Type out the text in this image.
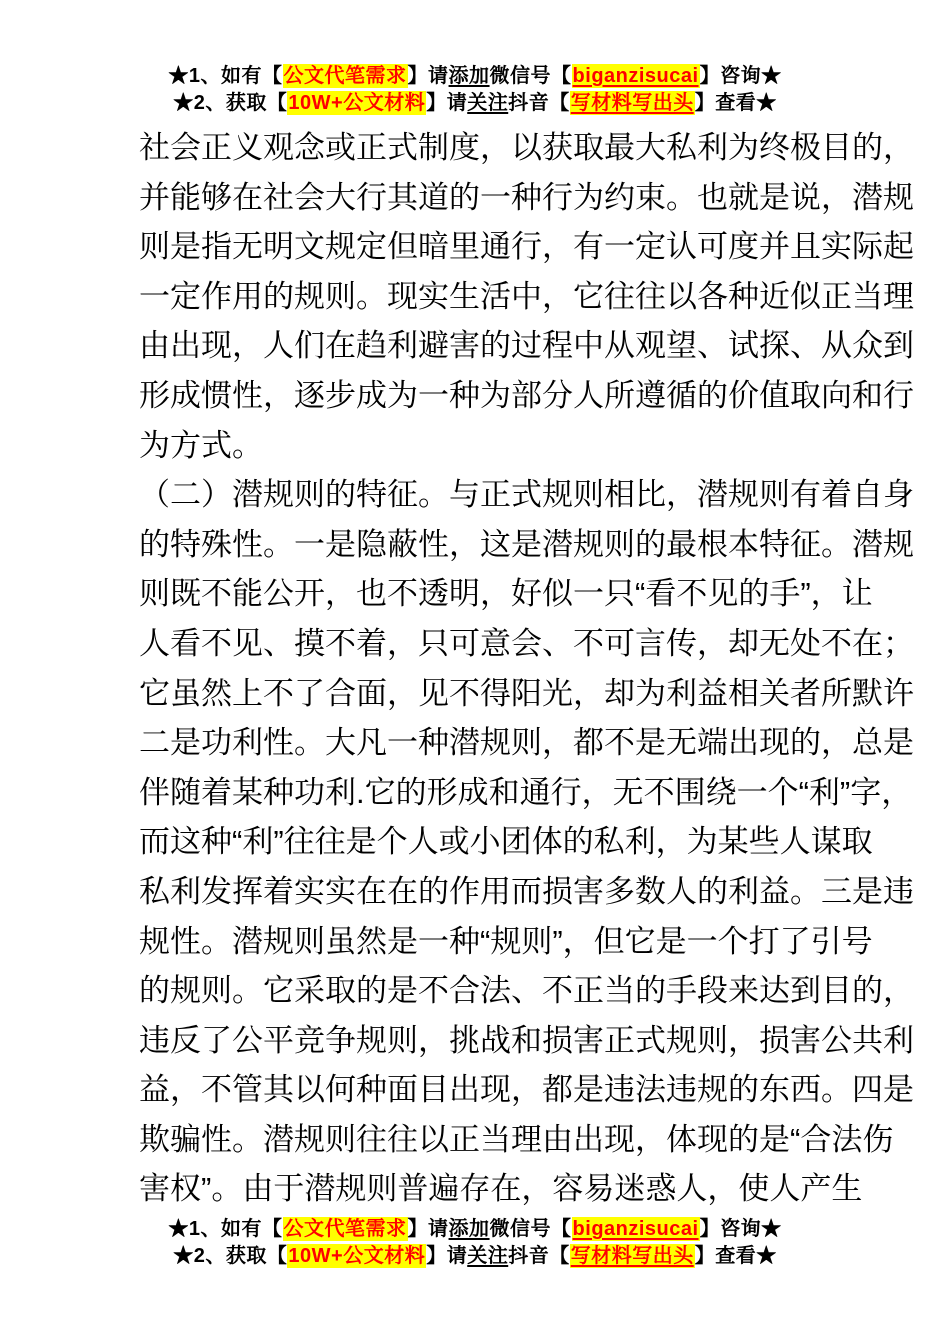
★1、如有【公文代笔需求】请添加微信号【biganzisucai】咨询★
★2、获取【10W+公文材料】请关注抖音【写材料写出头】查看★
社会正义观念或正式制度，以获取最大私利为终极目的，
并能够在社会大行其道的一种行为约束。也就是说，潜规
则是指无明文规定但暗里通行，有一定认可度并且实际起
一定作用的规则。现实生活中，它往往以各种近似正当理
由出现，人们在趋利避害的过程中从观望、试探、从众到
形成惯性，逐步成为一种为部分人所遵循的价值取向和行
为方式。
（二）潜规则的特征。与正式规则相比，潜规则有着自身
的特殊性。一是隐蔽性，这是潜规则的最根本特征。潜规
则既不能公开，也不透明，好似一只“看不见的手”，让
人看不见、摸不着，只可意会、不可言传，却无处不在；
它虽然上不了合面，见不得阳光，却为利益相关者所默许
二是功利性。大凡一种潜规则，都不是无端出现的，总是
伴随着某种功利.它的形成和通行，无不围绕一个“利”字，
而这种“利”往往是个人或小团体的私利，为某些人谋取
私利发挥着实实在在的作用而损害多数人的利益。三是违
规性。潜规则虽然是一种“规则”，但它是一个打了引号
的规则。它采取的是不合法、不正当的手段来达到目的，
违反了公平竞争规则，挑战和损害正式规则，损害公共利
益，不管其以何种面目出现，都是违法违规的东西。四是
欺骗性。潜规则往往以正当理由出现，体现的是“合法伤
害权”。由于潜规则普遍存在，容易迷惑人，使人产生
★1、如有【公文代笔需求】请添加微信号【biganzisucai】咨询★
★2、获取【10W+公文材料】请关注抖音【写材料写出头】查看★
